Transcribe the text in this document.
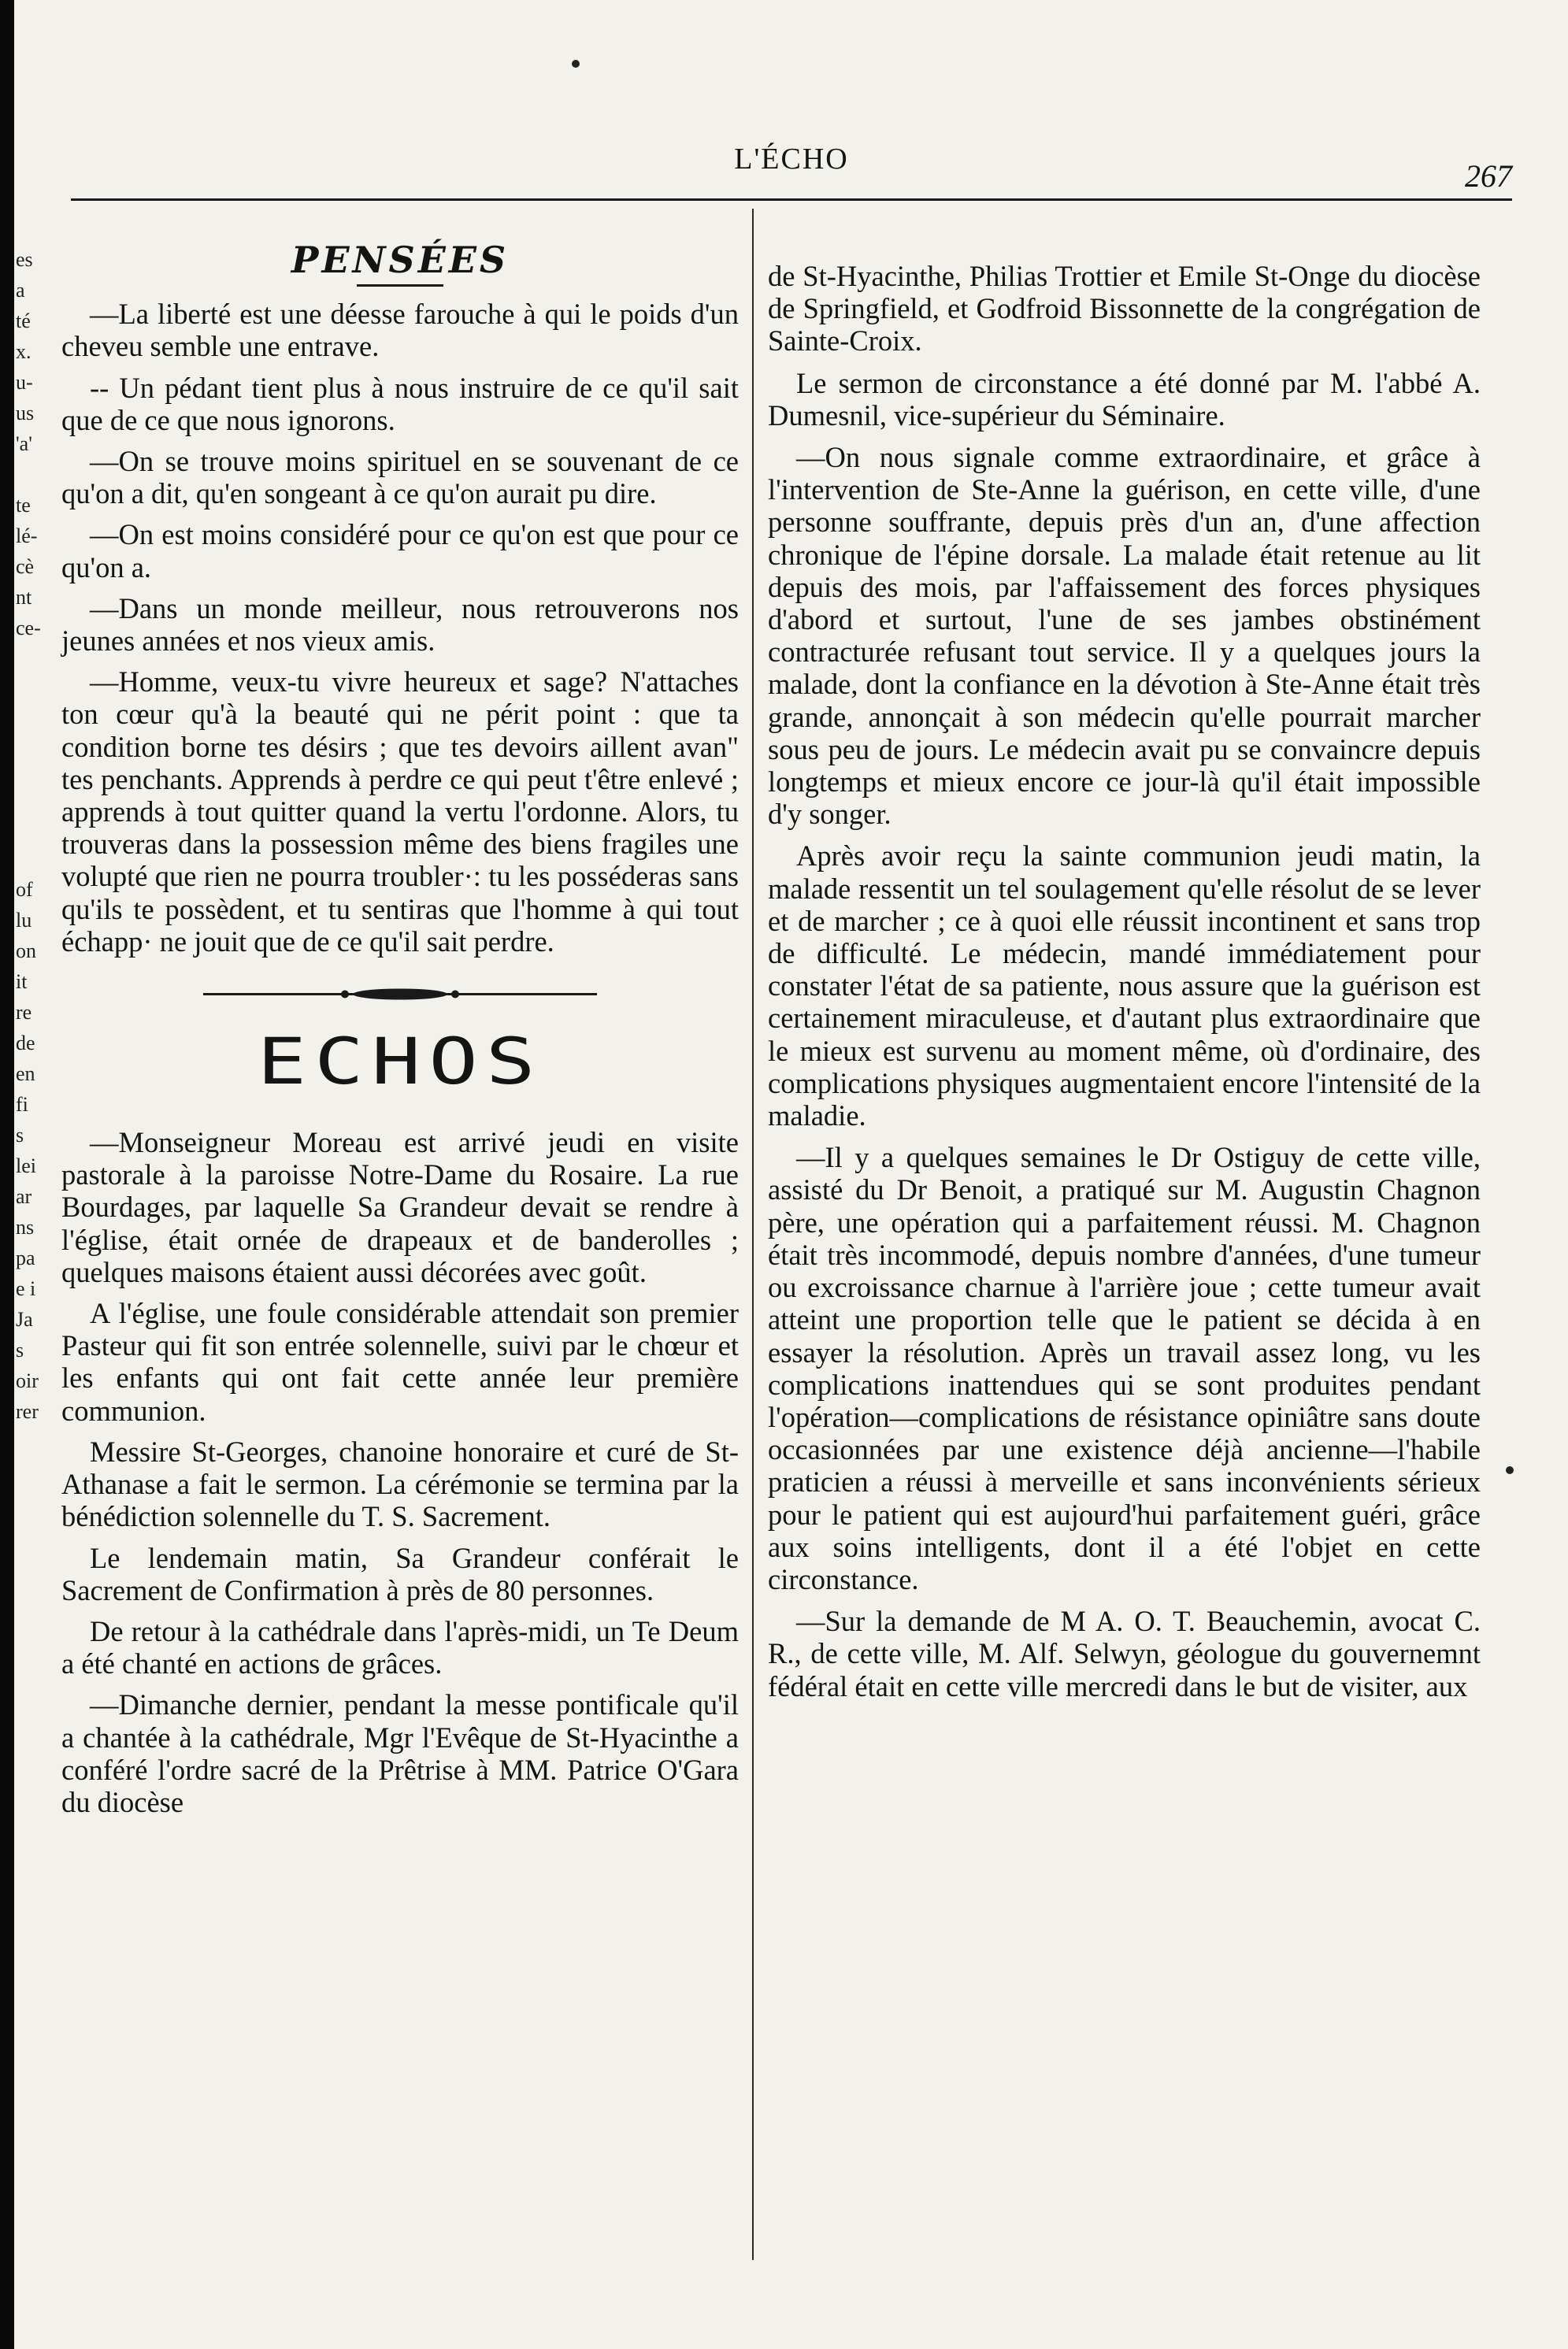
es
a
té
x.
u-
us
'a'

te
lé-
cè
nt
ce-
of
lu
on
it
re
de
en
fi
s
lei
ar
ns
pa
e i
Ja
s
oir
rer
L'ÉCHO	267
PENSÉES

—La liberté est une déesse farouche à qui le poids d'un cheveu semble une entrave.

-- Un pédant tient plus à nous instruire de ce qu'il sait que de ce que nous ignorons.

—On se trouve moins spirituel en se souvenant de ce qu'on a dit, qu'en songeant à ce qu'on aurait pu dire.

—On est moins considéré pour ce qu'on est que pour ce qu'on a.

—Dans un monde meilleur, nous retrouverons nos jeunes années et nos vieux amis.

—Homme, veux-tu vivre heureux et sage? N'attaches ton cœur qu'à la beauté qui ne périt point : que ta condition borne tes désirs ; que tes devoirs aillent avan" tes penchants. Apprends à perdre ce qui peut t'être enlevé ; apprends à tout quitter quand la vertu l'ordonne. Alors, tu trouveras dans la possession même des biens fragiles une volupté que rien ne pourra troubler·: tu les posséderas sans qu'ils te possèdent, et tu sentiras que l'homme à qui tout échapp· ne jouit que de ce qu'il sait perdre.

ECHOS

—Monseigneur Moreau est arrivé jeudi en visite pastorale à la paroisse Notre-Dame du Rosaire. La rue Bourdages, par laquelle Sa Grandeur devait se rendre à l'église, était ornée de drapeaux et de banderolles ; quelques maisons étaient aussi décorées avec goût.

A l'église, une foule considérable attendait son premier Pasteur qui fit son entrée solennelle, suivi par le chœur et les enfants qui ont fait cette année leur première communion.

Messire St-Georges, chanoine honoraire et curé de St-Athanase a fait le sermon. La cérémonie se termina par la bénédiction solennelle du T. S. Sacrement.

Le lendemain matin, Sa Grandeur conférait le Sacrement de Confirmation à près de 80 personnes.

De retour à la cathédrale dans l'après-midi, un Te Deum a été chanté en actions de grâces.

—Dimanche dernier, pendant la messe pontificale qu'il a chantée à la cathédrale, Mgr l'Evêque de St-Hyacinthe a conféré l'ordre sacré de la Prêtrise à MM. Patrice O'Gara du diocèse

de St-Hyacinthe, Philias Trottier et Emile St-Onge du diocèse de Springfield, et Godfroid Bissonnette de la congrégation de Sainte-Croix.

Le sermon de circonstance a été donné par M. l'abbé A. Dumesnil, vice-supérieur du Séminaire.

—On nous signale comme extraordinaire, et grâce à l'intervention de Ste-Anne la guérison, en cette ville, d'une personne souffrante, depuis près d'un an, d'une affection chronique de l'épine dorsale. La malade était retenue au lit depuis des mois, par l'affaissement des forces physiques d'abord et surtout, l'une de ses jambes obstinément contracturée refusant tout service. Il y a quelques jours la malade, dont la confiance en la dévotion à Ste-Anne était très grande, annonçait à son médecin qu'elle pourrait marcher sous peu de jours. Le médecin avait pu se convaincre depuis longtemps et mieux encore ce jour-là qu'il était impossible d'y songer.

Après avoir reçu la sainte communion jeudi matin, la malade ressentit un tel soulagement qu'elle résolut de se lever et de marcher ; ce à quoi elle réussit incontinent et sans trop de difficulté. Le médecin, mandé immédiatement pour constater l'état de sa patiente, nous assure que la guérison est certainement miraculeuse, et d'autant plus extraordinaire que le mieux est survenu au moment même, où d'ordinaire, des complications physiques augmentaient encore l'intensité de la maladie.

—Il y a quelques semaines le Dr Ostiguy de cette ville, assisté du Dr Benoit, a pratiqué sur M. Augustin Chagnon père, une opération qui a parfaitement réussi. M. Chagnon était très incommodé, depuis nombre d'années, d'une tumeur ou excroissance charnue à l'arrière joue ; cette tumeur avait atteint une proportion telle que le patient se décida à en essayer la résolution. Après un travail assez long, vu les complications inattendues qui se sont produites pendant l'opération—complications de résistance opiniâtre sans doute occasionnées par une existence déjà ancienne—l'habile praticien a réussi à merveille et sans inconvénients sérieux pour le patient qui est aujourd'hui parfaitement guéri, grâce aux soins intelligents, dont il a été l'objet en cette circonstance.

—Sur la demande de M A. O. T. Beauchemin, avocat C. R., de cette ville, M. Alf. Selwyn, géologue du gouvernemnt fédéral était en cette ville mercredi dans le but de visiter, aux
